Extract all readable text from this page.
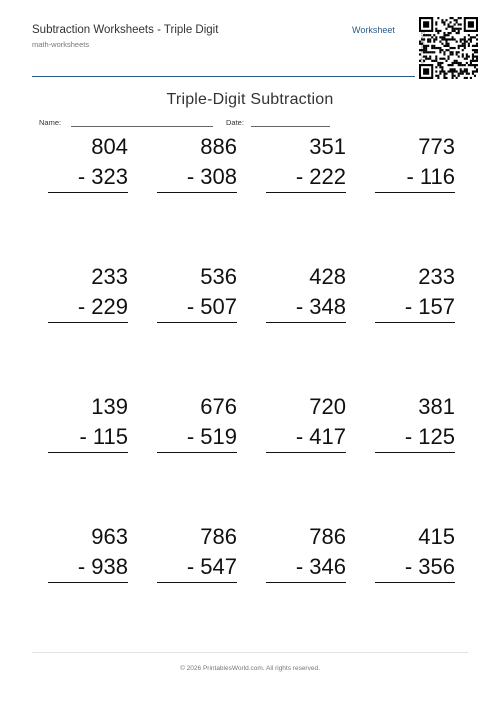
Subtraction Worksheets - Triple Digit
math-worksheets
Worksheet
Verify answers
Triple-Digit Subtraction
Name:	Date:
804
- 323
886
- 308
351
- 222
773
- 116
233
- 229
536
- 507
428
- 348
233
- 157
139
- 115
676
- 519
720
- 417
381
- 125
963
- 938
786
- 547
786
- 346
415
- 356
© 2026 PrintablesWorld.com. All rights reserved.
